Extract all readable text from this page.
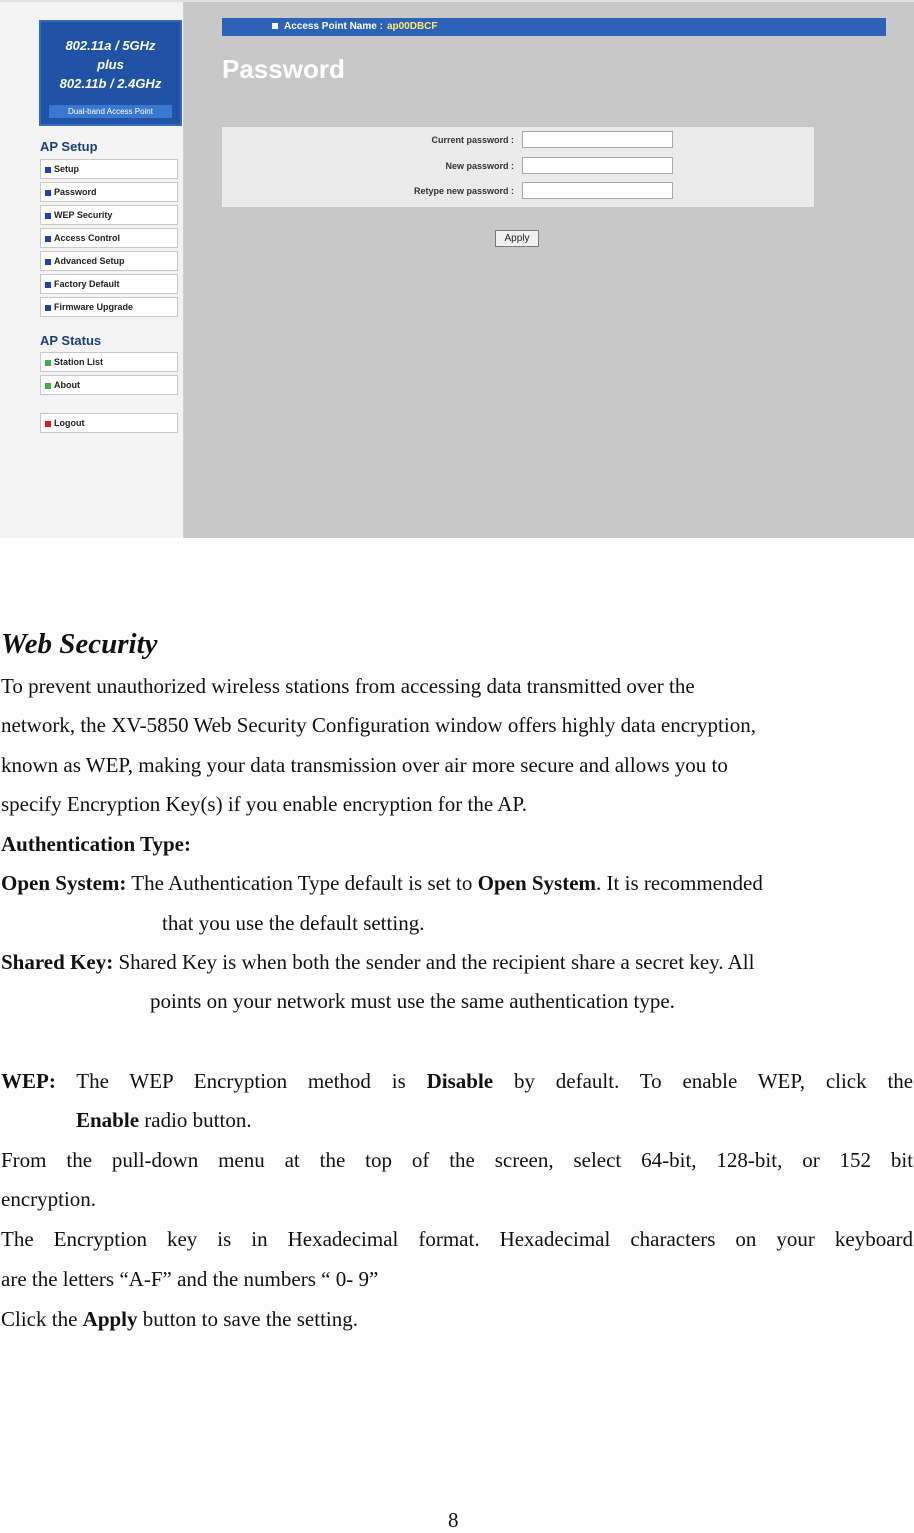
802.11a / 5GHz
plus
802.11b / 2.4GHz
Dual-band Access Point
AP Setup
Setup
Password
WEP Security
Access Control
Advanced Setup
Factory Default
Firmware Upgrade
AP Status
Station List
About
Logout
Access Point Name : ap00DBCF
Password
Current password :
New password :
Retype new password :
Apply
Web Security
To prevent unauthorized wireless stations from accessing data transmitted over the
network, the XV-5850 Web Security Configuration window offers highly data encryption,
known as WEP, making your data transmission over air more secure and allows you to
specify Encryption Key(s) if you enable encryption for the AP.
Authentication Type:
Open System: The Authentication Type default is set to Open System. It is recommended
that you use the default setting.
Shared Key: Shared Key is when both the sender and the recipient share a secret key. All
points on your network must use the same authentication type.
WEP: The WEP Encryption method is Disable by default. To enable WEP, click the
Enable radio button.
From the pull-down menu at the top of the screen, select 64-bit, 128-bit, or 152 bit
encryption.
The Encryption key is in Hexadecimal format. Hexadecimal characters on your keyboard
are the letters “A-F” and the numbers “ 0- 9”
Click the Apply button to save the setting.
8
